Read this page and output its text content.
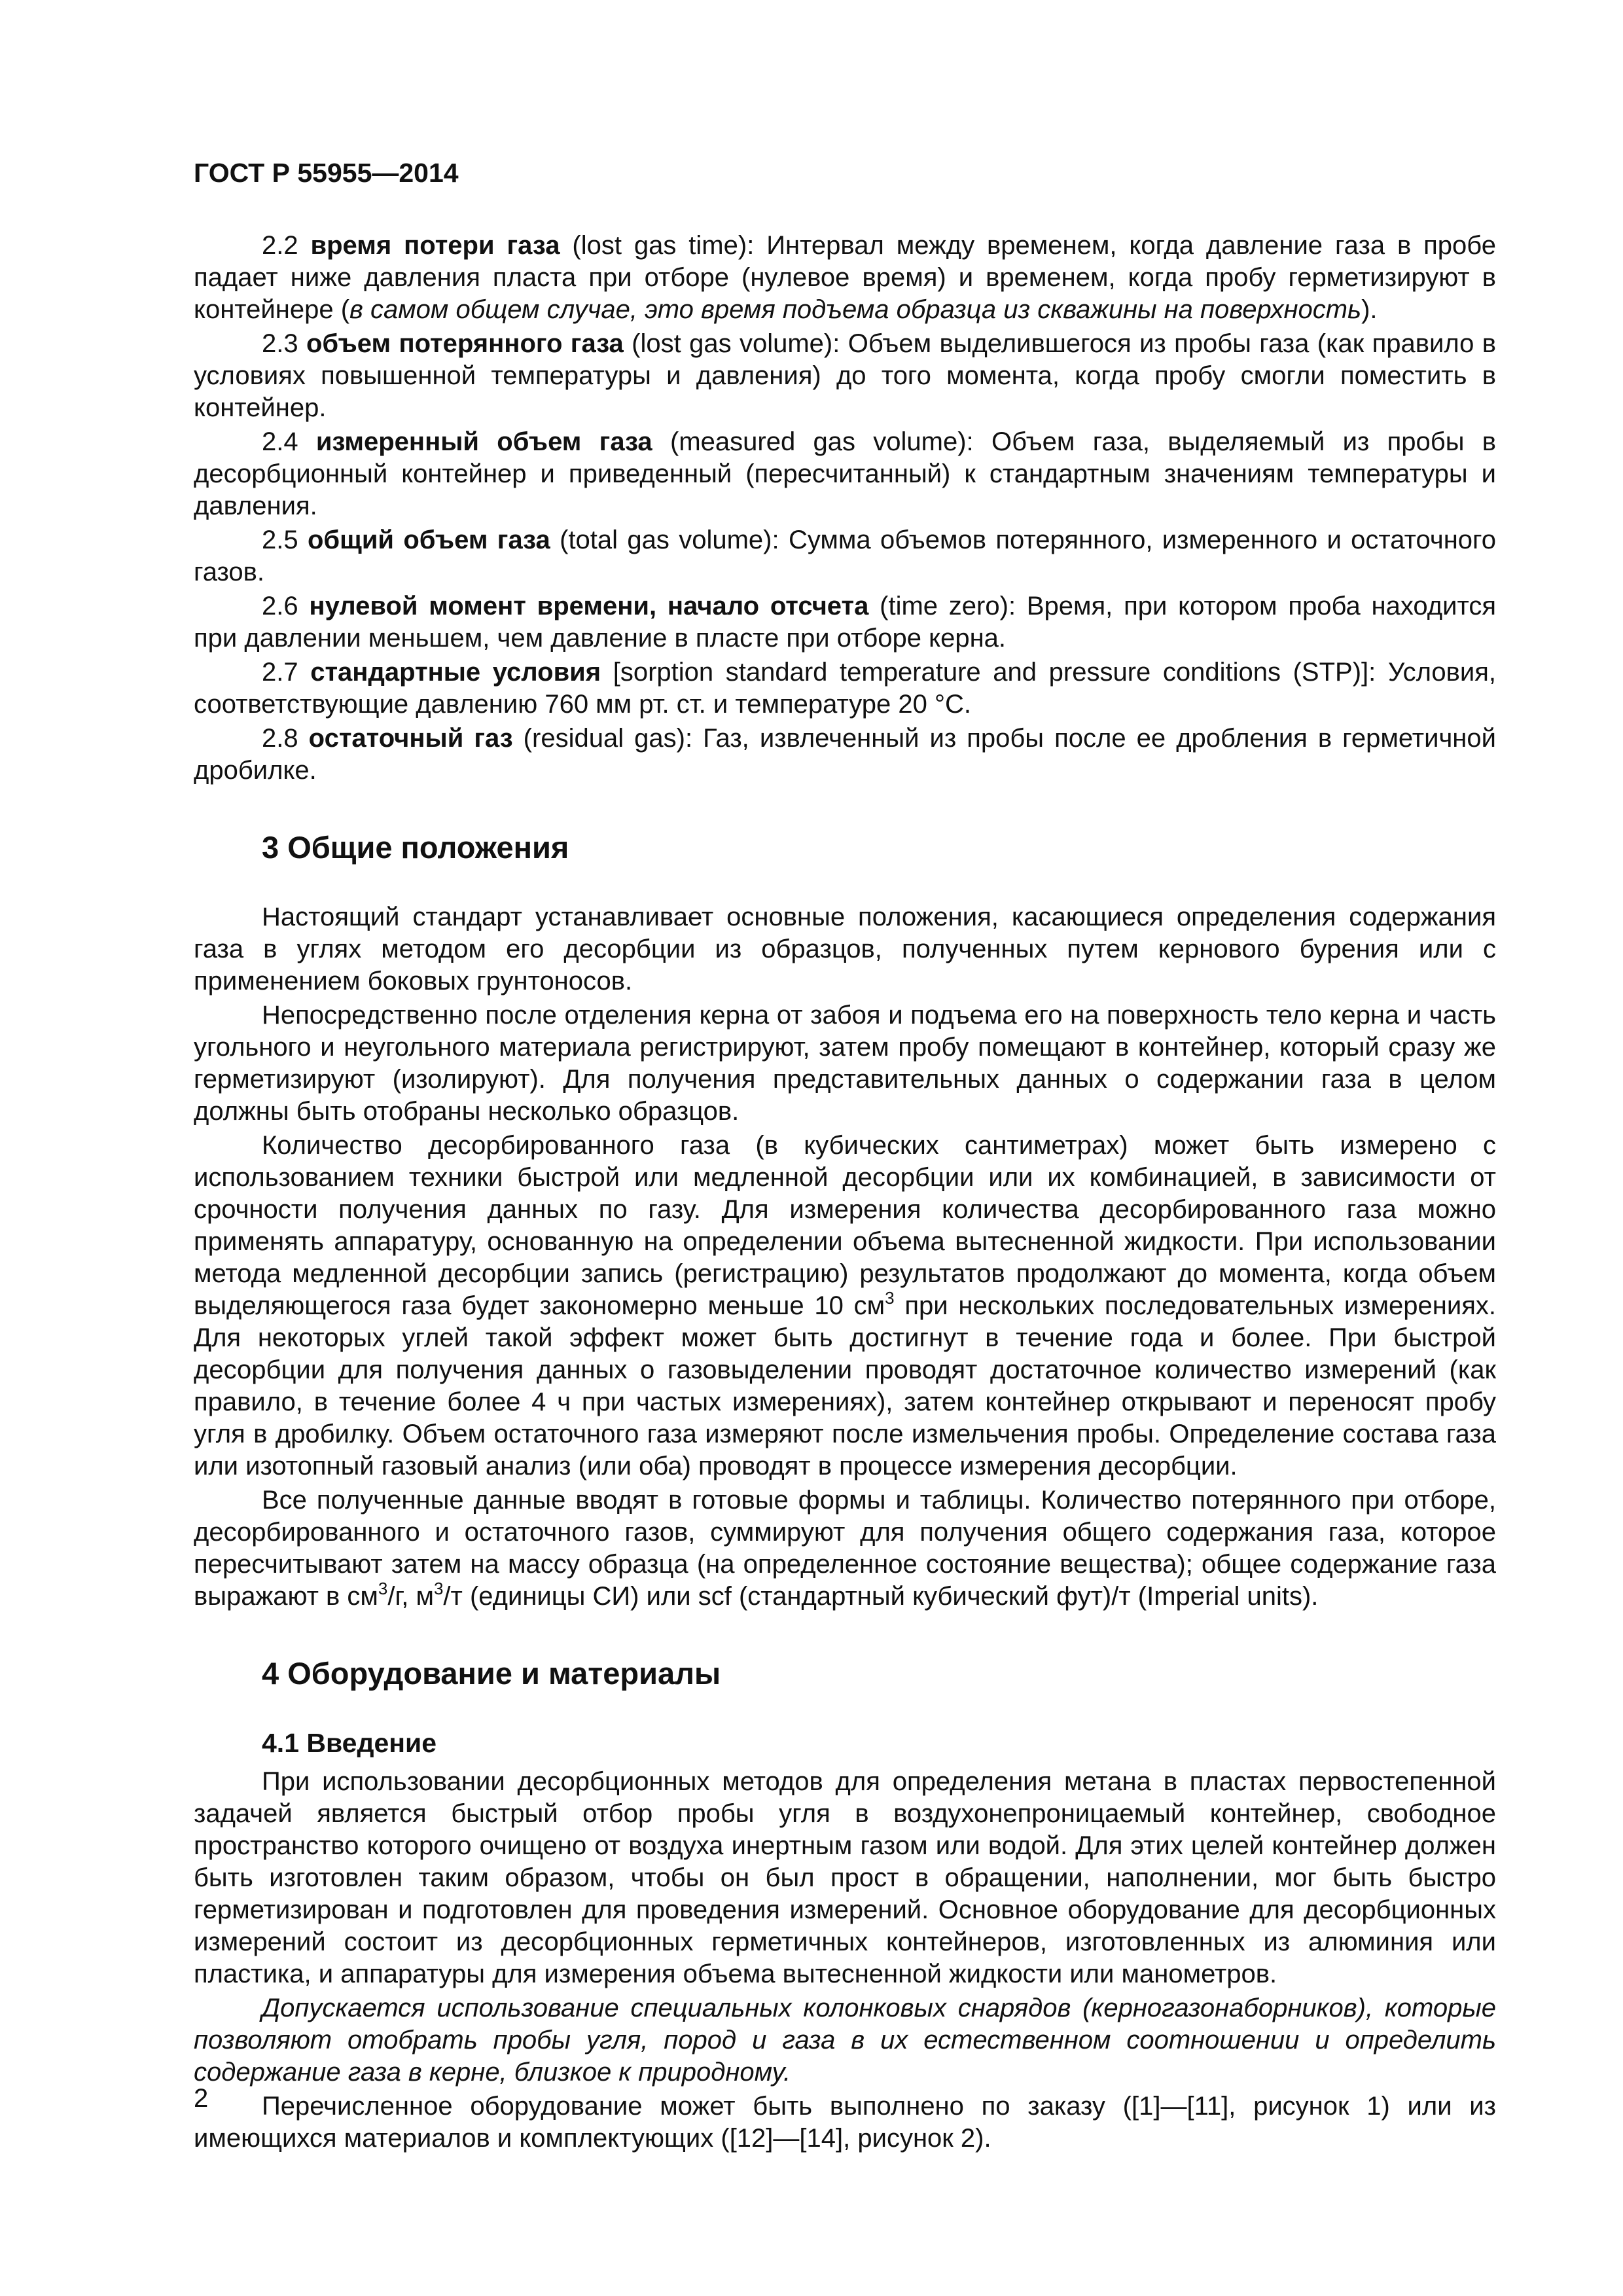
ГОСТ Р 55955—2014

2.2 время потери газа (lost gas time): Интервал между временем, когда давление газа в пробе падает ниже давления пласта при отборе (нулевое время) и временем, когда пробу герметизируют в контейнере (в самом общем случае, это время подъема образца из скважины на поверхность).

2.3 объем потерянного газа (lost gas volume): Объем выделившегося из пробы газа (как правило в условиях повышенной температуры и давления) до того момента, когда пробу смогли поместить в контейнер.

2.4 измеренный объем газа (measured gas volume): Объем газа, выделяемый из пробы в десорбционный контейнер и приведенный (пересчитанный) к стандартным значениям температуры и давления.

2.5 общий объем газа (total gas volume): Сумма объемов потерянного, измеренного и остаточного газов.

2.6 нулевой момент времени, начало отсчета (time zero): Время, при котором проба находится при давлении меньшем, чем давление в пласте при отборе керна.

2.7 стандартные условия [sorption standard temperature and pressure conditions (STP)]: Условия, соответствующие давлению 760 мм рт. ст. и температуре 20 °С.

2.8 остаточный газ (residual gas): Газ, извлеченный из пробы после ее дробления в герметичной дробилке.

3 Общие положения

Настоящий стандарт устанавливает основные положения, касающиеся определения содержания газа в углях методом его десорбции из образцов, полученных путем кернового бурения или с применением боковых грунтоносов.

Непосредственно после отделения керна от забоя и подъема его на поверхность тело керна и часть угольного и неугольного материала регистрируют, затем пробу помещают в контейнер, который сразу же герметизируют (изолируют). Для получения представительных данных о содержании газа в целом должны быть отобраны несколько образцов.

Количество десорбированного газа (в кубических сантиметрах) может быть измерено с использованием техники быстрой или медленной десорбции или их комбинацией, в зависимости от срочности получения данных по газу. Для измерения количества десорбированного газа можно применять аппаратуру, основанную на определении объема вытесненной жидкости. При использовании метода медленной десорбции запись (регистрацию) результатов продолжают до момента, когда объем выделяющегося газа будет закономерно меньше 10 $см^3$ при нескольких последовательных измерениях. Для некоторых углей такой эффект может быть достигнут в течение года и более. При быстрой десорбции для получения данных о газовыделении проводят достаточное количество измерений (как правило, в течение более 4 ч при частых измерениях), затем контейнер открывают и переносят пробу угля в дробилку. Объем остаточного газа измеряют после измельчения пробы. Определение состава газа или изотопный газовый анализ (или оба) проводят в процессе измерения десорбции.

Все полученные данные вводят в готовые формы и таблицы. Количество потерянного при отборе, десорбированного и остаточного газов, суммируют для получения общего содержания газа, которое пересчитывают затем на массу образца (на определенное состояние вещества); общее содержание газа выражают в $см^3/г$, $м^3/т$ (единицы СИ) или scf (стандартный кубический фут)/т (Imperial units).

4 Оборудование и материалы
4.1 Введение

При использовании десорбционных методов для определения метана в пластах первостепенной задачей является быстрый отбор пробы угля в воздухонепроницаемый контейнер, свободное пространство которого очищено от воздуха инертным газом или водой. Для этих целей контейнер должен быть изготовлен таким образом, чтобы он был прост в обращении, наполнении, мог быть быстро герметизирован и подготовлен для проведения измерений. Основное оборудование для десорбционных измерений состоит из десорбционных герметичных контейнеров, изготовленных из алюминия или пластика, и аппаратуры для измерения объема вытесненной жидкости или манометров.

Допускается использование специальных колонковых снарядов (керногазонаборников), которые позволяют отобрать пробы угля, пород и газа в их естественном соотношении и определить содержание газа в керне, близкое к природному.

Перечисленное оборудование может быть выполнено по заказу ([1]—[11], рисунок 1) или из имеющихся материалов и комплектующих ([12]—[14], рисунок 2).

2
